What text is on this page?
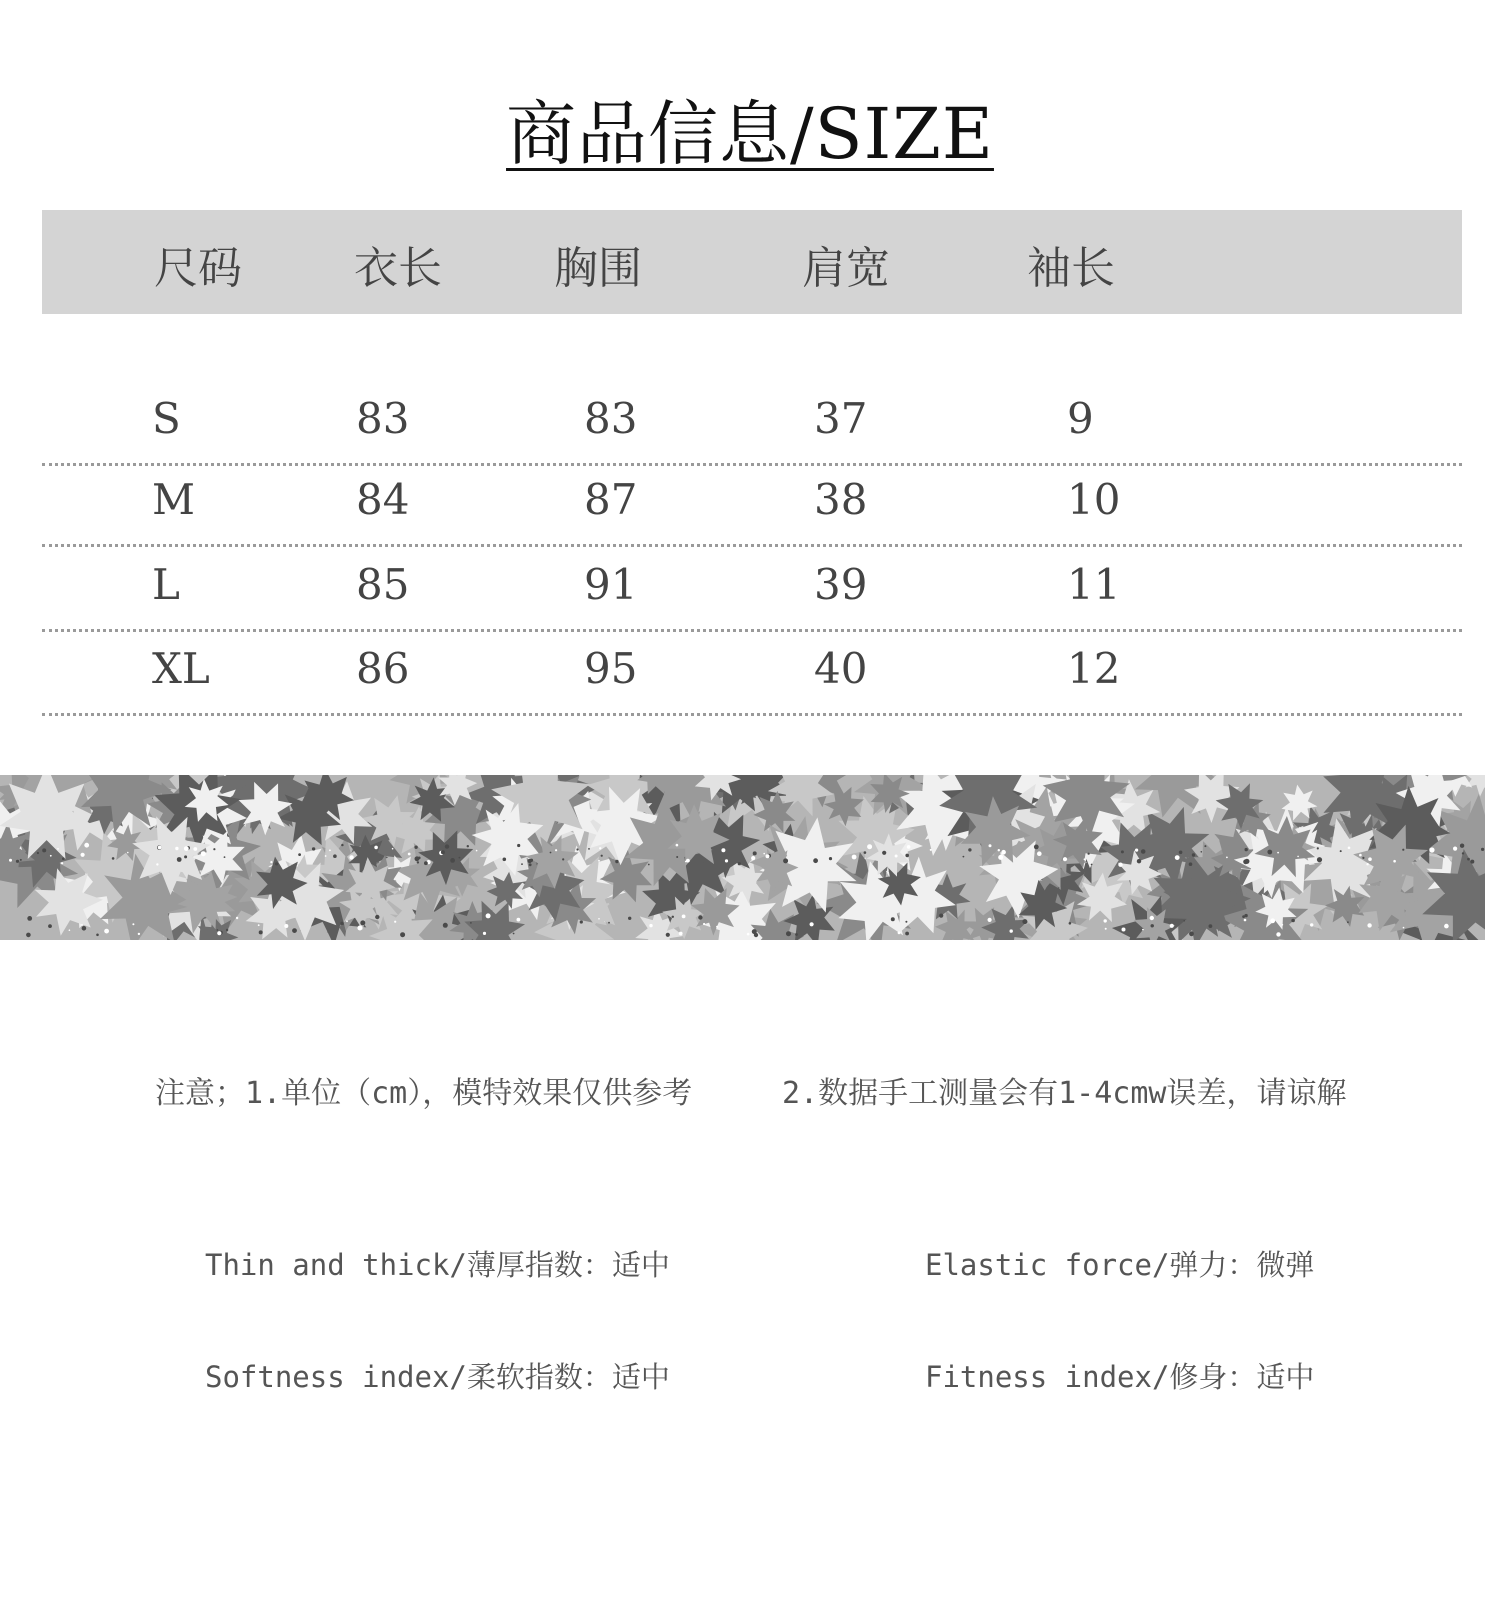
商品信息/SIZE
尺码	衣长	胸围	肩宽	袖长
S	83	83	37	9
M	84	87	38	10
L	85	91	39	11
XL	86	95	40	12
注意；1.单位（cm），模特效果仅供参考	2.数据手工测量会有1-4cmw误差，请谅解
Thin and thick/薄厚指数：适中	Elastic force/弹力：微弹
Softness index/柔软指数：适中	Fitness index/修身：适中
